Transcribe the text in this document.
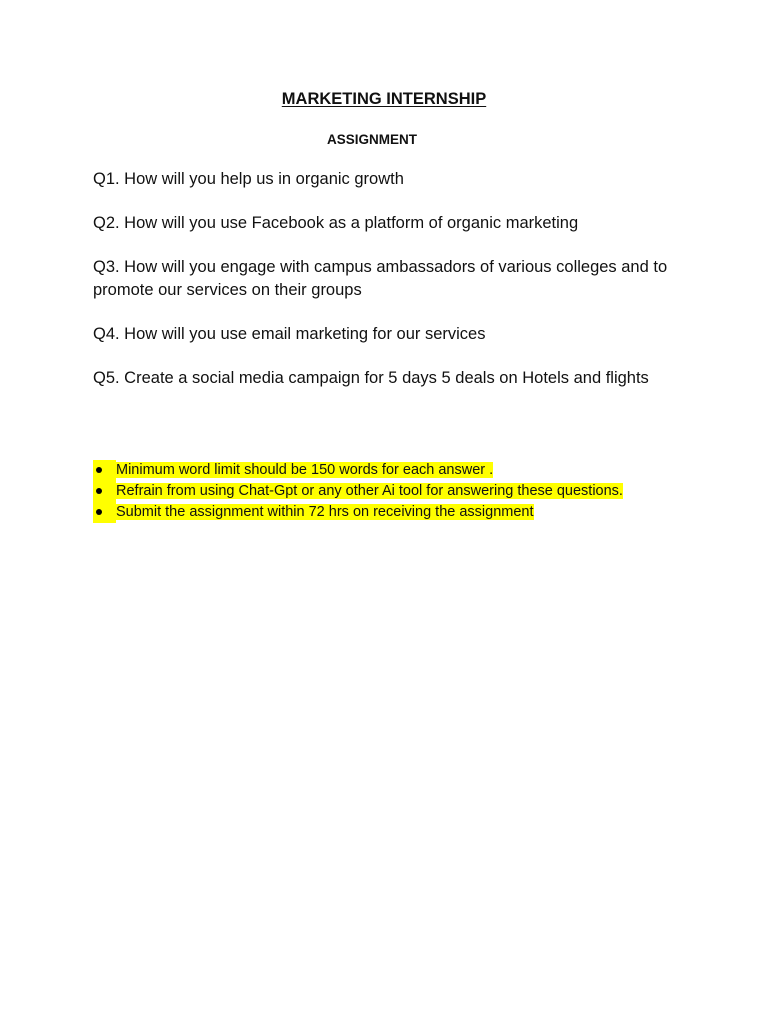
MARKETING INTERNSHIP
ASSIGNMENT

Q1. How will you help us in organic growth

Q2. How will you use Facebook as a platform of organic marketing

Q3. How will you engage with campus ambassadors of various colleges and to promote our services on their groups

Q4. How will you use email marketing for our services

Q5. Create a social media campaign for 5 days 5 deals on Hotels and flights

Minimum word limit should be 150 words for each answer .
Refrain from using Chat-Gpt or any other Ai tool for answering these questions.
Submit the assignment within 72 hrs on receiving the assignment
